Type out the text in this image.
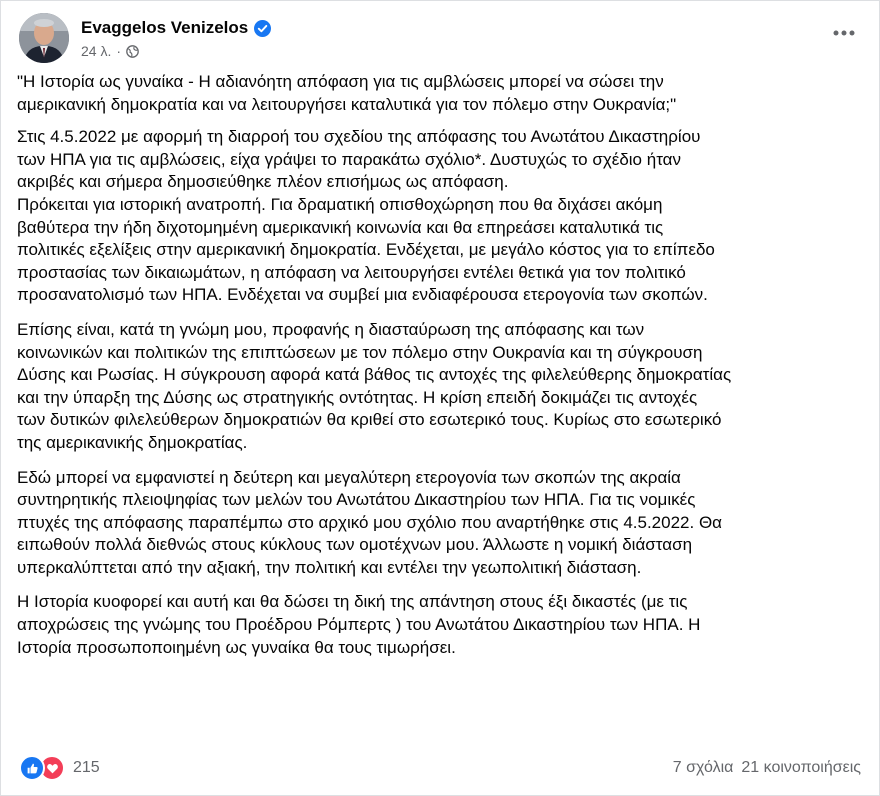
Evaggelos Venizelos
24 λ. ·

"Η Ιστορία ως γυναίκα - Η αδιανόητη απόφαση για τις αμβλώσεις μπορεί να σώσει την
αμερικανική δημοκρατία και να λειτουργήσει καταλυτικά για τον πόλεμο στην Ουκρανία;"

Στις 4.5.2022 με αφορμή τη διαρροή του σχεδίου της απόφασης του Ανωτάτου Δικαστηρίου
των ΗΠΑ για τις αμβλώσεις, είχα γράψει το παρακάτω σχόλιο*. Δυστυχώς το σχέδιο ήταν
ακριβές και σήμερα δημοσιεύθηκε πλέον επισήμως ως απόφαση.
Πρόκειται για ιστορική ανατροπή. Για δραματική οπισθοχώρηση που θα διχάσει ακόμη
βαθύτερα την ήδη διχοτομημένη αμερικανική κοινωνία και θα επηρεάσει καταλυτικά τις
πολιτικές εξελίξεις στην αμερικανική δημοκρατία. Ενδέχεται, με μεγάλο κόστος για το επίπεδο
προστασίας των δικαιωμάτων, η απόφαση να λειτουργήσει εντέλει θετικά για τον πολιτικό
προσανατολισμό των ΗΠΑ. Ενδέχεται να συμβεί μια ενδιαφέρουσα ετερογονία των σκοπών.

Επίσης είναι, κατά τη γνώμη μου, προφανής η διασταύρωση της απόφασης και των
κοινωνικών και πολιτικών της επιπτώσεων με τον πόλεμο στην Ουκρανία και τη σύγκρουση
Δύσης και Ρωσίας. Η σύγκρουση αφορά κατά βάθος τις αντοχές της φιλελεύθερης δημοκρατίας
και την ύπαρξη της Δύσης ως στρατηγικής οντότητας. Η κρίση επειδή δοκιμάζει τις αντοχές
των δυτικών φιλελεύθερων δημοκρατιών θα κριθεί στο εσωτερικό τους. Κυρίως στο εσωτερικό
της αμερικανικής δημοκρατίας.

Εδώ μπορεί να εμφανιστεί η δεύτερη και μεγαλύτερη ετερογονία των σκοπών της ακραία
συντηρητικής πλειοψηφίας των μελών του Ανωτάτου Δικαστηρίου των ΗΠΑ. Για τις νομικές
πτυχές της απόφασης παραπέμπω στο αρχικό μου σχόλιο που αναρτήθηκε στις 4.5.2022. Θα
ειπωθούν πολλά διεθνώς στους κύκλους των ομοτέχνων μου. Άλλωστε η νομική διάσταση
υπερκαλύπτεται από την αξιακή, την πολιτική και εντέλει την γεωπολιτική διάσταση.

Η Ιστορία κυοφορεί και αυτή και θα δώσει τη δική της απάντηση στους έξι δικαστές (με τις
αποχρώσεις της γνώμης του Προέδρου Ρόμπερτς ) του Ανωτάτου Δικαστηρίου των ΗΠΑ. Η
Ιστορία προσωποποιημένη ως γυναίκα θα τους τιμωρήσει.

215	7 σχόλια 21 κοινοποιήσεις
